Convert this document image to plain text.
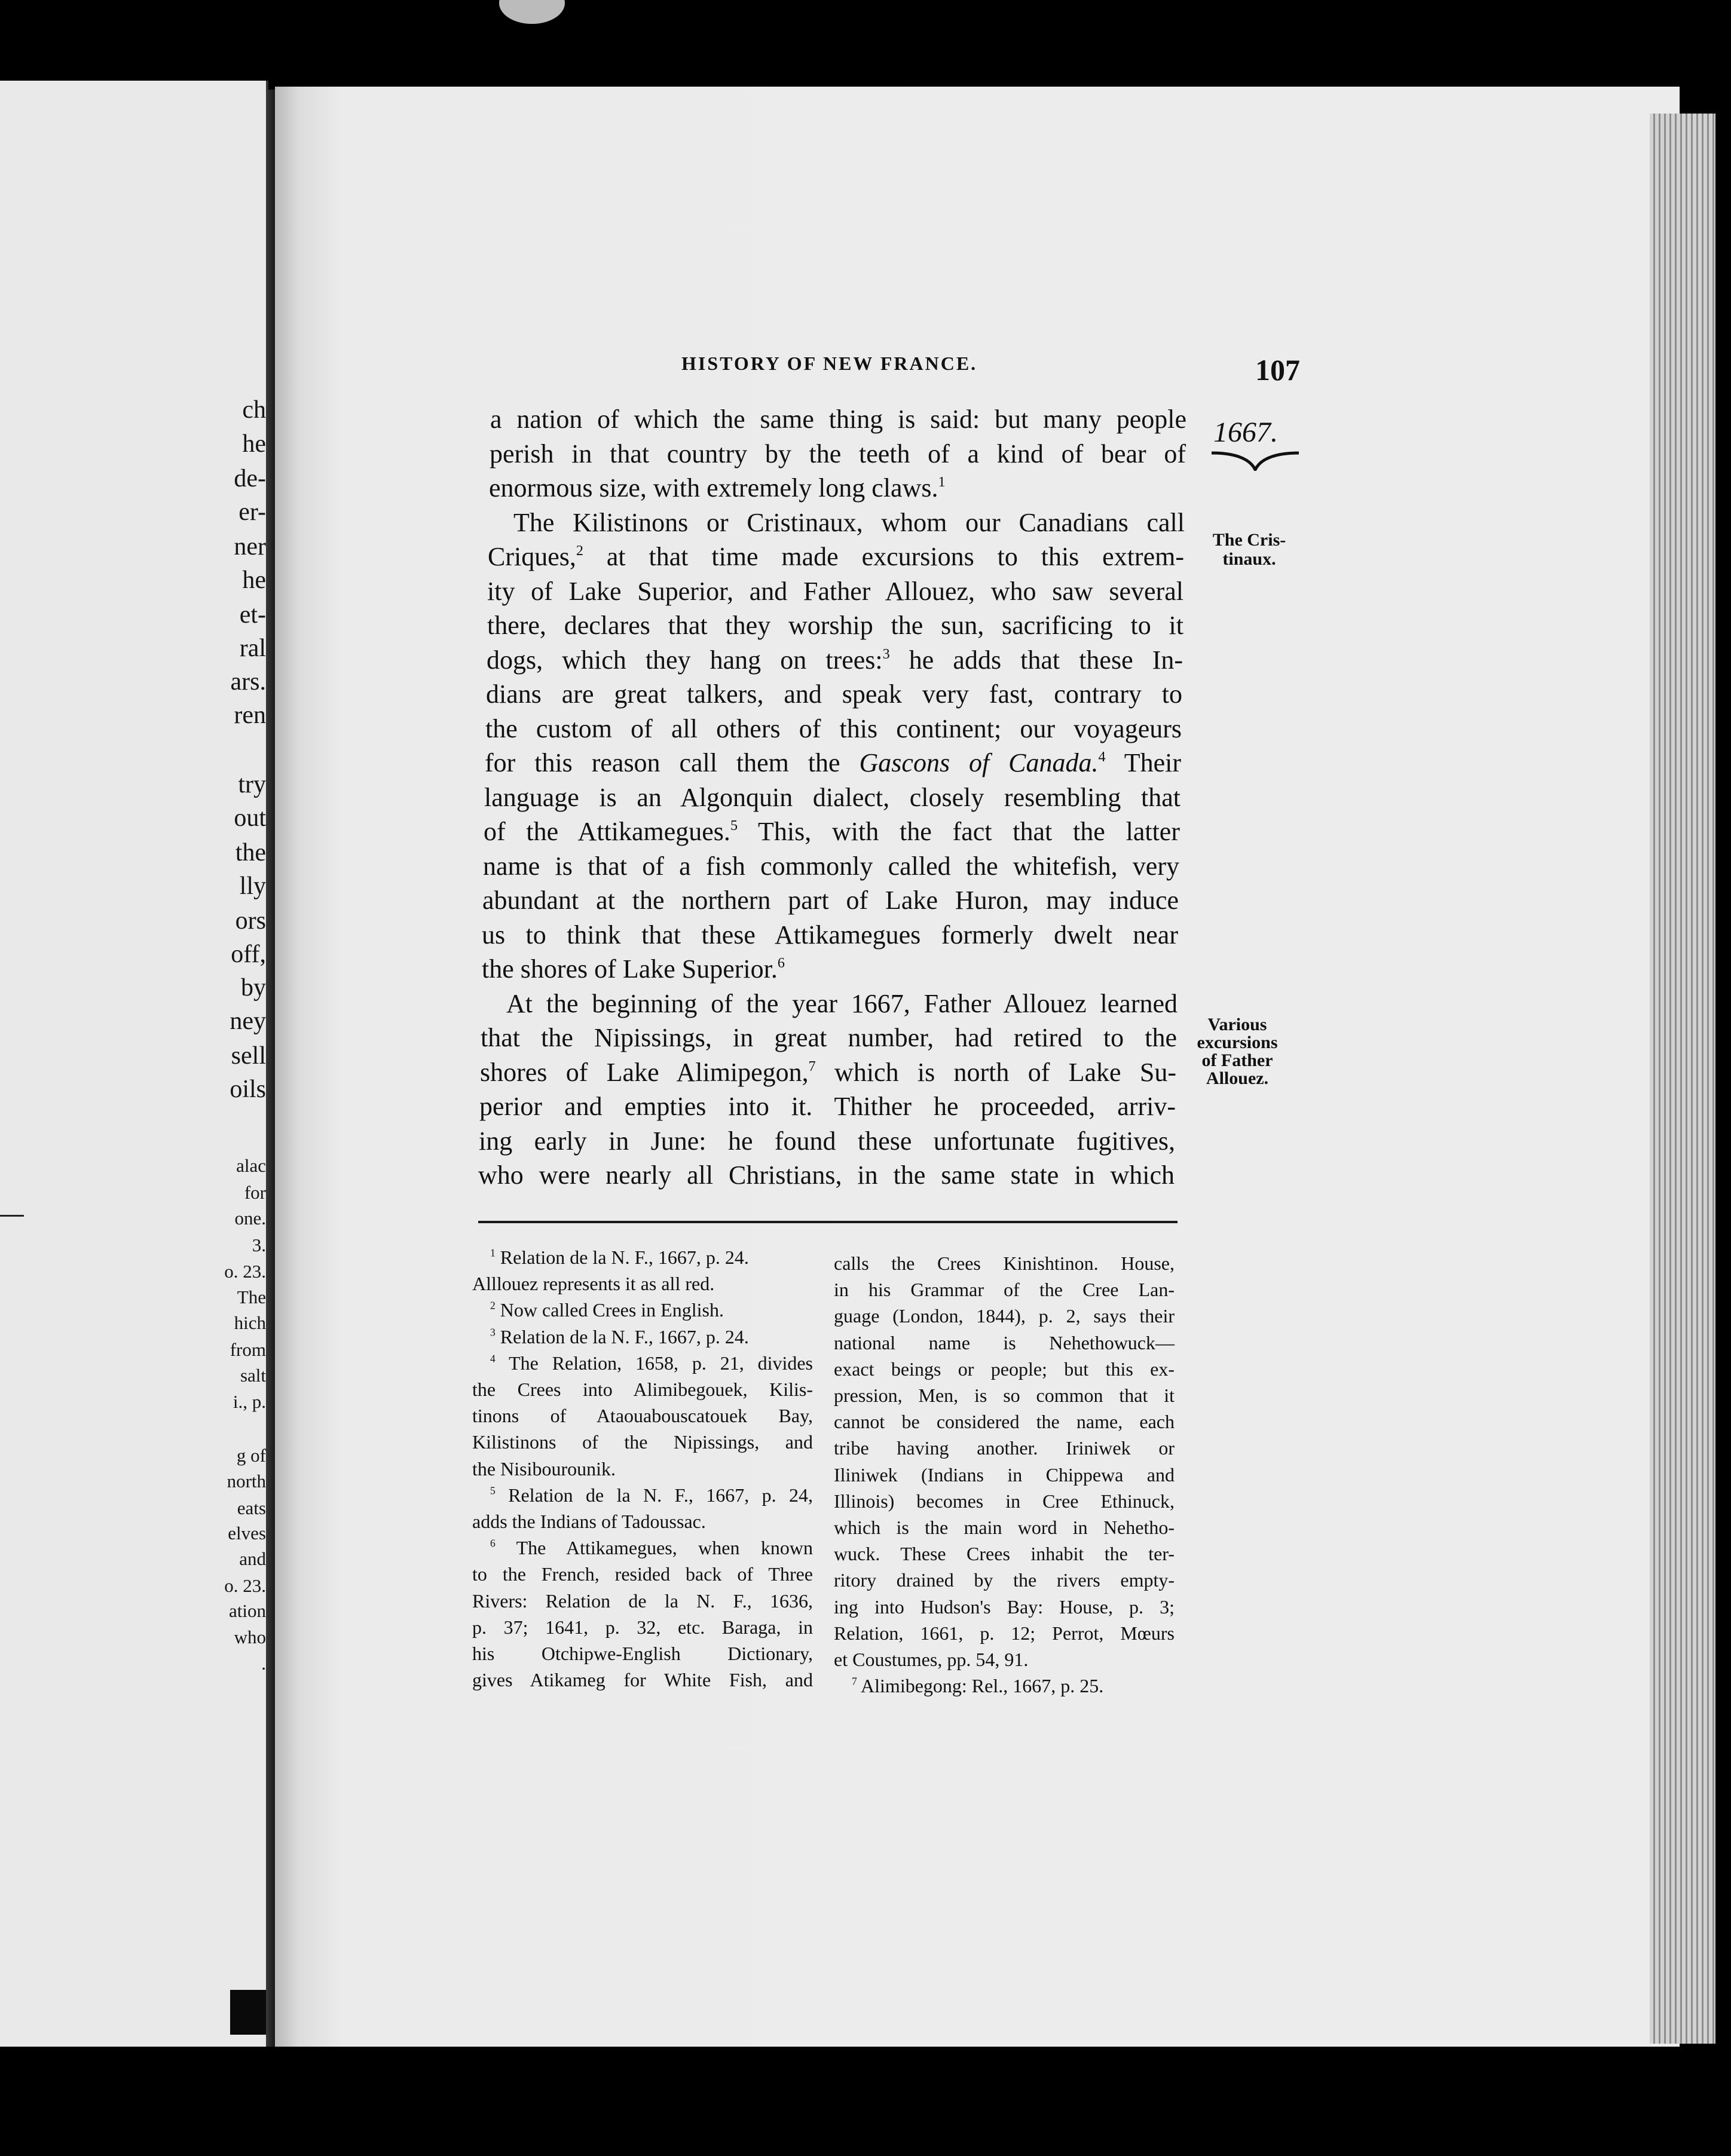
ch
he
de-
er-
ner
he
et-
ral
ars.
ren
try
out
the
lly
ors
off,
by
ney
sell
oils
alac
for
one.
3.
o. 23.
The
hich
from
salt
i., p.
g of
north
eats
elves
and
o. 23.
ation
who
.
HISTORY OF NEW FRANCE.	107
1667.
The Cris-
tinaux.
Various
excursions
of Father
Allouez.
a nation of which the same thing is said: but many people
perish in that country by the teeth of a kind of bear of
enormous size, with extremely long claws.$^1$
The Kilistinons or Cristinaux, whom our Canadians call
Criques,$^2$ at that time made excursions to this extrem-
ity of Lake Superior, and Father Allouez, who saw several
there, declares that they worship the sun, sacrificing to it
dogs, which they hang on trees:$^3$ he adds that these In-
dians are great talkers, and speak very fast, contrary to
the custom of all others of this continent; our voyageurs
for this reason call them the Gascons of Canada.$^4$ Their
language is an Algonquin dialect, closely resembling that
of the Attikamegues.$^5$ This, with the fact that the latter
name is that of a fish commonly called the whitefish, very
abundant at the northern part of Lake Huron, may induce
us to think that these Attikamegues formerly dwelt near
the shores of Lake Superior.$^6$
At the beginning of the year 1667, Father Allouez learned
that the Nipissings, in great number, had retired to the
shores of Lake Alimipegon,$^7$ which is north of Lake Su-
perior and empties into it. Thither he proceeded, arriv-
ing early in June: he found these unfortunate fugitives,
who were nearly all Christians, in the same state in which
$^1$ Relation de la N. F., 1667, p. 24.
Alllouez represents it as all red.
$^2$ Now called Crees in English.
$^3$ Relation de la N. F., 1667, p. 24.
$^4$ The Relation, 1658, p. 21, divides
the Crees into Alimibegouek, Kilis-
tinons of Ataouabouscatouek Bay,
Kilistinons of the Nipissings, and
the Nisibourounik.
$^5$ Relation de la N. F., 1667, p. 24,
adds the Indians of Tadoussac.
$^6$ The Attikamegues, when known
to the French, resided back of Three
Rivers: Relation de la N. F., 1636,
p. 37; 1641, p. 32, etc. Baraga, in
his Otchipwe-English Dictionary,
gives Atikameg for White Fish, and
calls the Crees Kinishtinon. House,
in his Grammar of the Cree Lan-
guage (London, 1844), p. 2, says their
national name is Nehethowuck—
exact beings or people; but this ex-
pression, Men, is so common that it
cannot be considered the name, each
tribe having another. Iriniwek or
Iliniwek (Indians in Chippewa and
Illinois) becomes in Cree Ethinuck,
which is the main word in Nehetho-
wuck. These Crees inhabit the ter-
ritory drained by the rivers empty-
ing into Hudson's Bay: House, p. 3;
Relation, 1661, p. 12; Perrot, Mœurs
et Coustumes, pp. 54, 91.
$^7$ Alimibegong: Rel., 1667, p. 25.
